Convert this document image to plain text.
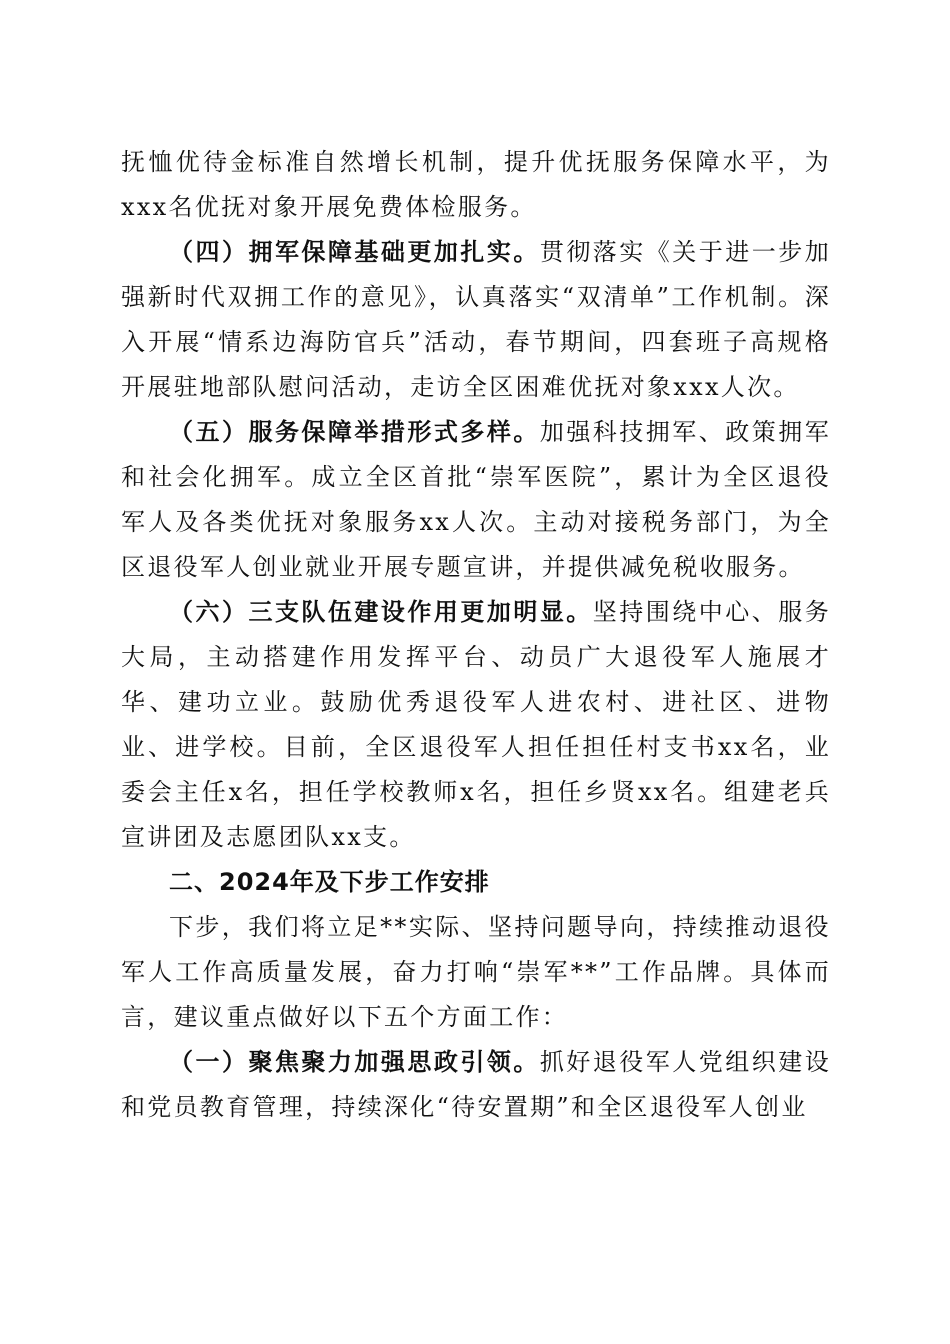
抚恤优待金标准自然增长机制，提升优抚服务保障水平，为xxx名优抚对象开展免费体检服务。

（四）拥军保障基础更加扎实。贯彻落实《关于进一步加强新时代双拥工作的意见》，认真落实“双清单”工作机制。深入开展“情系边海防官兵”活动，春节期间，四套班子高规格开展驻地部队慰问活动，走访全区困难优抚对象xxx人次。

（五）服务保障举措形式多样。加强科技拥军、政策拥军和社会化拥军。成立全区首批“崇军医院”，累计为全区退役军人及各类优抚对象服务xx人次。主动对接税务部门，为全区退役军人创业就业开展专题宣讲，并提供减免税收服务。

（六）三支队伍建设作用更加明显。坚持围绕中心、服务大局，主动搭建作用发挥平台、动员广大退役军人施展才华、建功立业。鼓励优秀退役军人进农村、进社区、进物业、进学校。目前，全区退役军人担任担任村支书xx名，业委会主任x名，担任学校教师x名，担任乡贤xx名。组建老兵宣讲团及志愿团队xx支。

二、2024年及下步工作安排

下步，我们将立足**实际、坚持问题导向，持续推动退役军人工作高质量发展，奋力打响“崇军**”工作品牌。具体而言，建议重点做好以下五个方面工作：

（一）聚焦聚力加强思政引领。抓好退役军人党组织建设和党员教育管理，持续深化“待安置期”和全区退役军人创业
